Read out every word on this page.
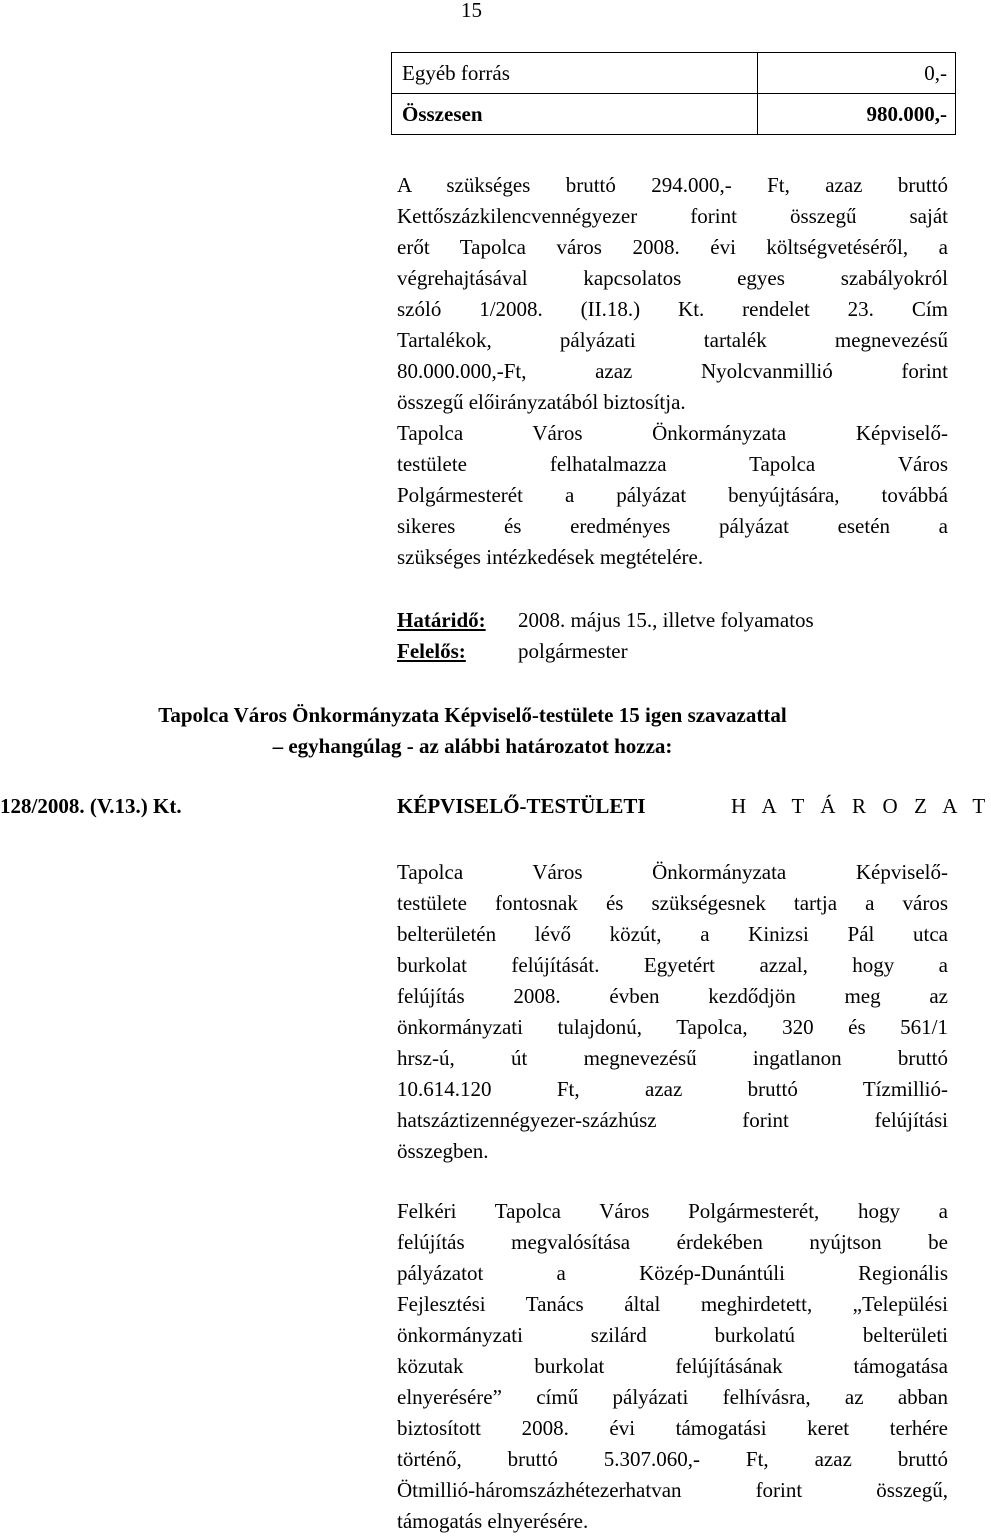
15
Egyéb forrás	0,-
Összesen	980.000,-
A szükséges bruttó 294.000,- Ft, azaz bruttó
Kettőszázkilencvennégyezer forint összegű saját
erőt Tapolca város 2008. évi költségvetéséről, a
végrehajtásával kapcsolatos egyes szabályokról
szóló 1/2008. (II.18.) Kt. rendelet 23. Cím
Tartalékok, pályázati tartalék megnevezésű
80.000.000,-Ft, azaz Nyolcvanmillió forint
összegű előirányzatából biztosítja.
Tapolca Város Önkormányzata Képviselő-
testülete felhatalmazza Tapolca Város
Polgármesterét a pályázat benyújtására, továbbá
sikeres és eredményes pályázat esetén a
szükséges intézkedések megtételére.
Határidő: 2008. május 15., illetve folyamatos
Felelős: polgármester
Tapolca Város Önkormányzata Képviselő-testülete 15 igen szavazattal
– egyhangúlag - az alábbi határozatot hozza:
128/2008. (V.13.) Kt.	KÉPVISELŐ-TESTÜLETI	H A T Á R O Z A T
Tapolca Város Önkormányzata Képviselő-
testülete fontosnak és szükségesnek tartja a város
belterületén lévő közút, a Kinizsi Pál utca
burkolat felújítását. Egyetért azzal, hogy a
felújítás 2008. évben kezdődjön meg az
önkormányzati tulajdonú, Tapolca, 320 és 561/1
hrsz-ú, út megnevezésű ingatlanon bruttó
10.614.120 Ft, azaz bruttó Tízmillió-
hatszáztizennégyezer-százhúsz forint felújítási
összegben.
Felkéri Tapolca Város Polgármesterét, hogy a
felújítás megvalósítása érdekében nyújtson be
pályázatot a Közép-Dunántúli Regionális
Fejlesztési Tanács által meghirdetett, „Települési
önkormányzati szilárd burkolatú belterületi
közutak burkolat felújításának támogatása
elnyerésére” című pályázati felhívásra, az abban
biztosított 2008. évi támogatási keret terhére
történő, bruttó 5.307.060,- Ft, azaz bruttó
Ötmillió-háromszázhétezerhatvan forint összegű,
támogatás elnyerésére.
